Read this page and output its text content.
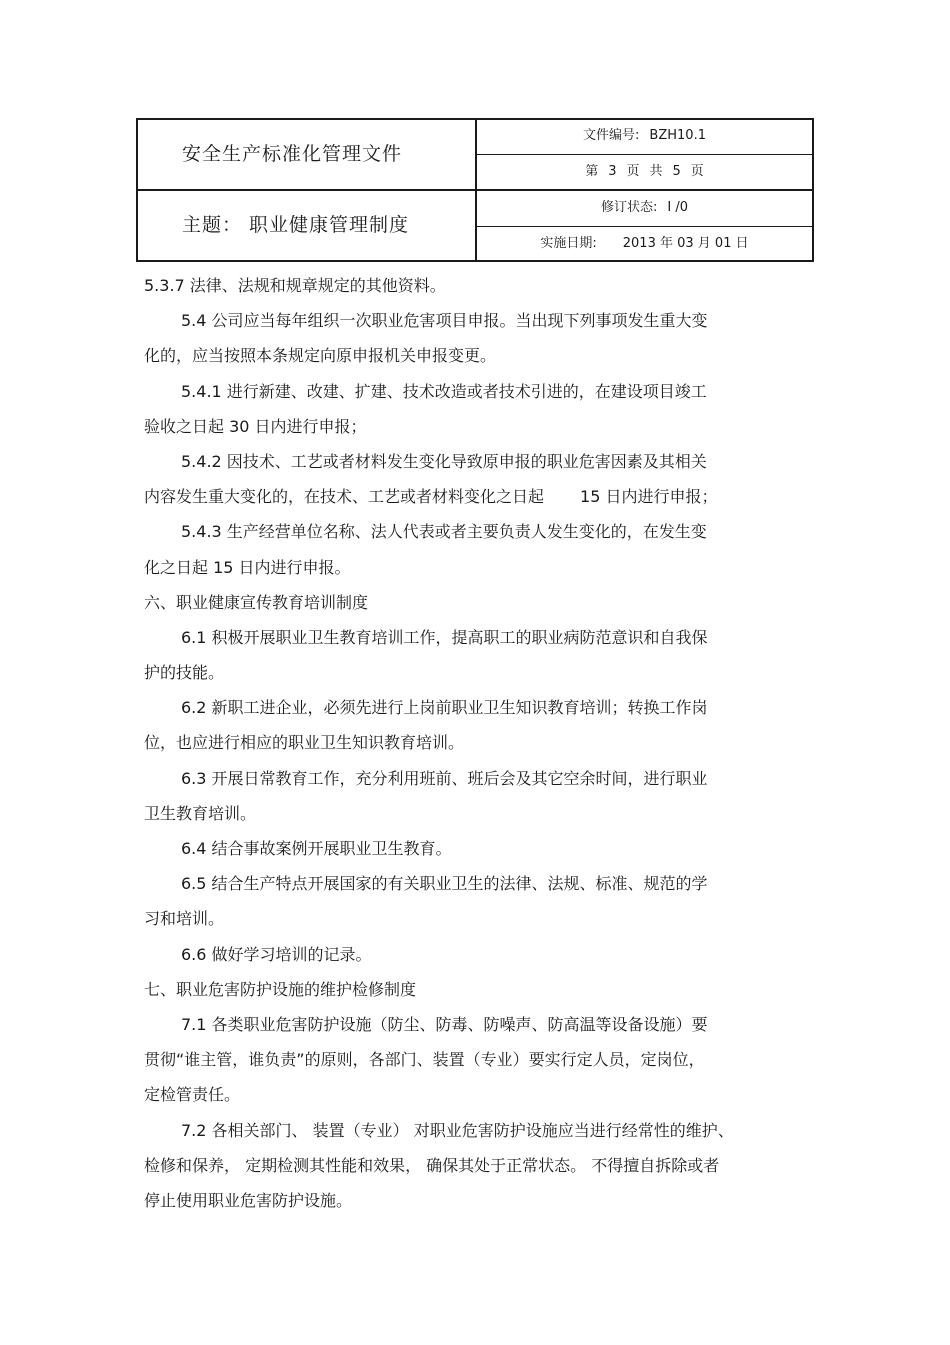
安全生产标准化管理文件
主题： 职业健康管理制度
文件编号: BZH10.1
第 3 页 共 5 页
修订状态: I /0
实施日期: 2013 年 03 月 01 日
5.3.7 法律、法规和规章规定的其他资料。
5.4 公司应当每年组织一次职业危害项目申报。当出现下列事项发生重大变
化的，应当按照本条规定向原申报机关申报变更。
5.4.1 进行新建、改建、扩建、技术改造或者技术引进的，在建设项目竣工
验收之日起 30 日内进行申报；
5.4.2 因技术、工艺或者材料发生变化导致原申报的职业危害因素及其相关
内容发生重大变化的，在技术、工艺或者材料变化之日起 15 日内进行申报；
5.4.3 生产经营单位名称、法人代表或者主要负责人发生变化的，在发生变
化之日起 15 日内进行申报。
六、职业健康宣传教育培训制度
6.1 积极开展职业卫生教育培训工作，提高职工的职业病防范意识和自我保
护的技能。
6.2 新职工进企业，必须先进行上岗前职业卫生知识教育培训；转换工作岗
位，也应进行相应的职业卫生知识教育培训。
6.3 开展日常教育工作，充分利用班前、班后会及其它空余时间，进行职业
卫生教育培训。
6.4 结合事故案例开展职业卫生教育。
6.5 结合生产特点开展国家的有关职业卫生的法律、法规、标准、规范的学
习和培训。
6.6 做好学习培训的记录。
七、职业危害防护设施的维护检修制度
7.1 各类职业危害防护设施（防尘、防毒、防噪声、防高温等设备设施）要
贯彻“谁主管，谁负责”的原则，各部门、装置（专业）要实行定人员，定岗位，
定检管责任。
7.2 各相关部门、 装置（专业） 对职业危害防护设施应当进行经常性的维护、
检修和保养， 定期检测其性能和效果， 确保其处于正常状态。 不得擅自拆除或者
停止使用职业危害防护设施。
